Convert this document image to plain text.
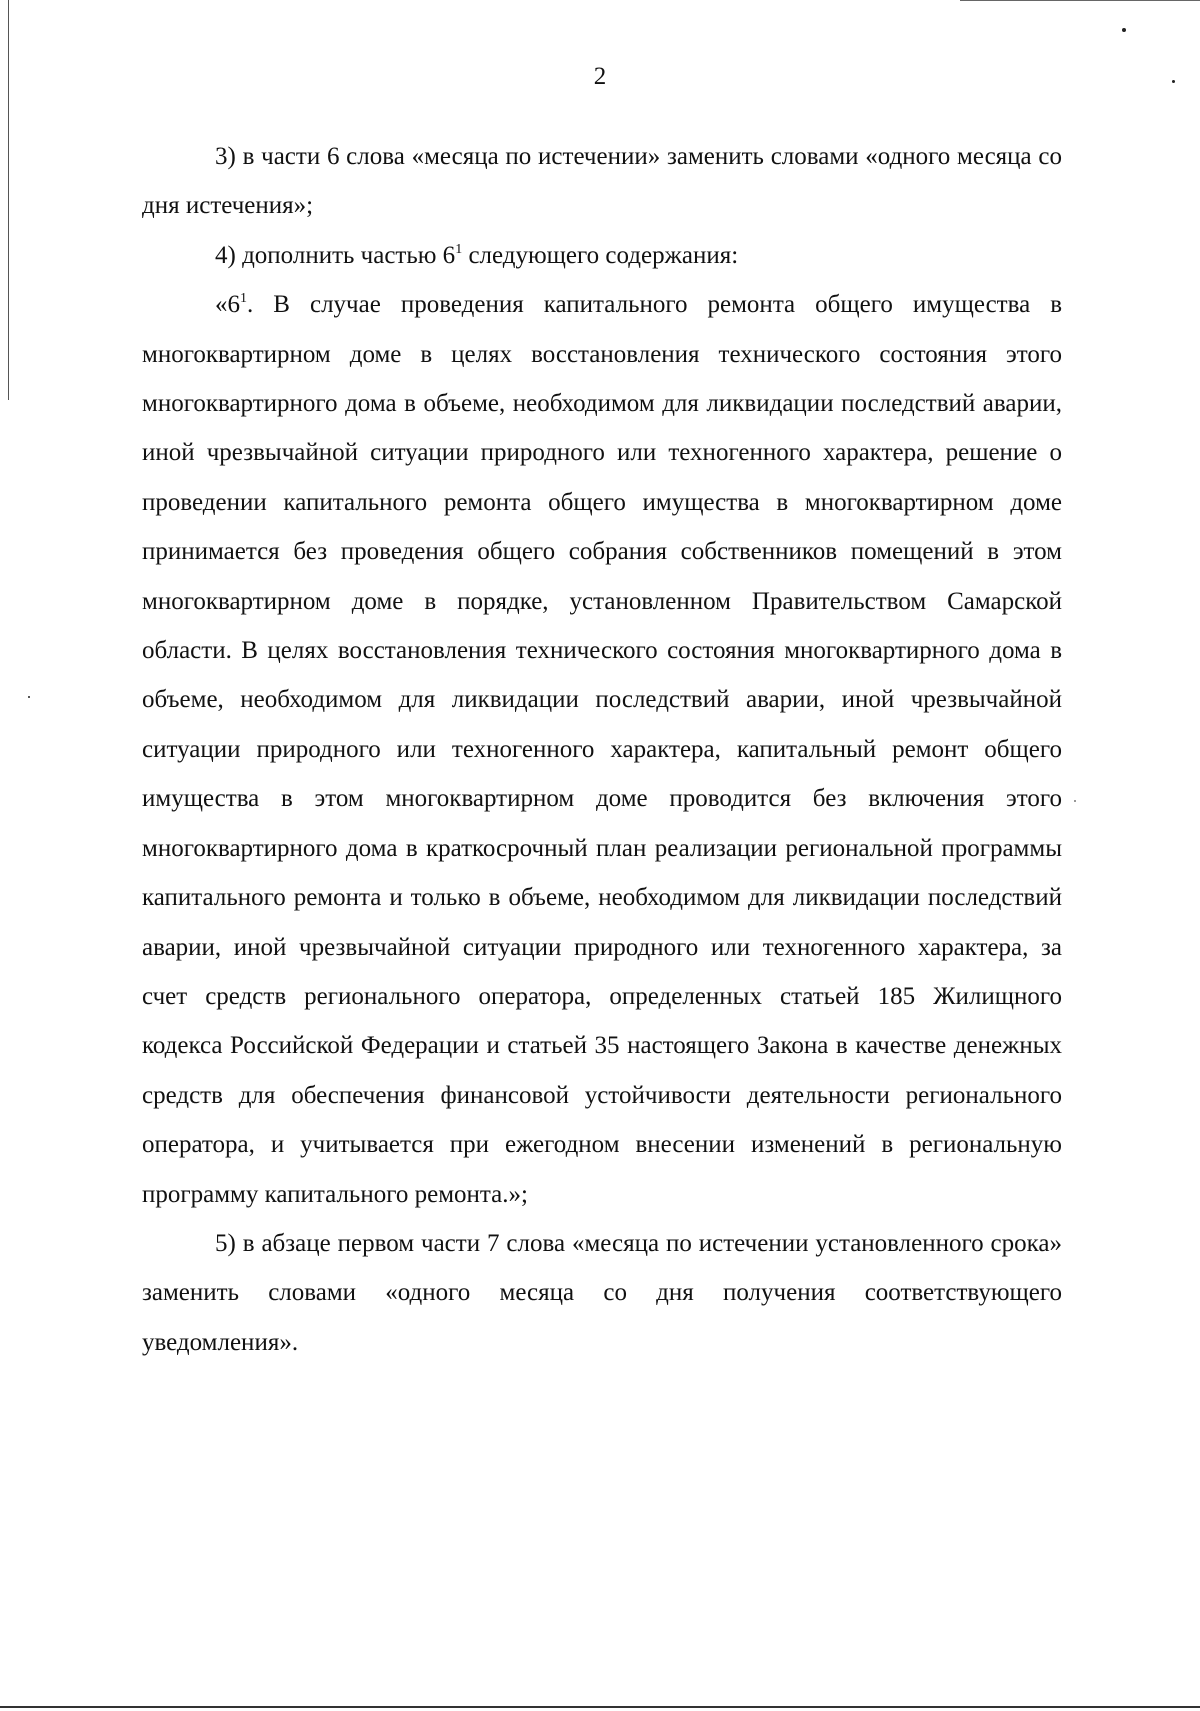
2

3) в части 6 слова «месяца по истечении» заменить словами «одного месяца со дня истечения»;

4) дополнить частью $6^1$ следующего содержания:

«$6^1$. В случае проведения капитального ремонта общего имущества в многоквартирном доме в целях восстановления технического состояния этого многоквартирного дома в объеме, необходимом для ликвидации последствий аварии, иной чрезвычайной ситуации природного или техногенного характера, решение о проведении капитального ремонта общего имущества в многоквартирном доме принимается без проведения общего собрания собственников помещений в этом многоквартирном доме в порядке, установленном Правительством Самарской области. В целях восстановления технического состояния многоквартирного дома в объеме, необходимом для ликвидации последствий аварии, иной чрезвычайной ситуации природного или техногенного характера, капитальный ремонт общего имущества в этом многоквартирном доме проводится без включения этого многоквартирного дома в краткосрочный план реализации региональной программы капитального ремонта и только в объеме, необходимом для ликвидации последствий аварии, иной чрезвычайной ситуации природного или техногенного характера, за счет средств регионального оператора, определенных статьей 185 Жилищного кодекса Российской Федерации и статьей 35 настоящего Закона в качестве денежных средств для обеспечения финансовой устойчивости деятельности регионального оператора, и учитывается при ежегодном внесении изменений в региональную программу капитального ремонта.»;

5) в абзаце первом части 7 слова «месяца по истечении установленного срока» заменить словами «одного месяца со дня получения соответствующего уведомления».
